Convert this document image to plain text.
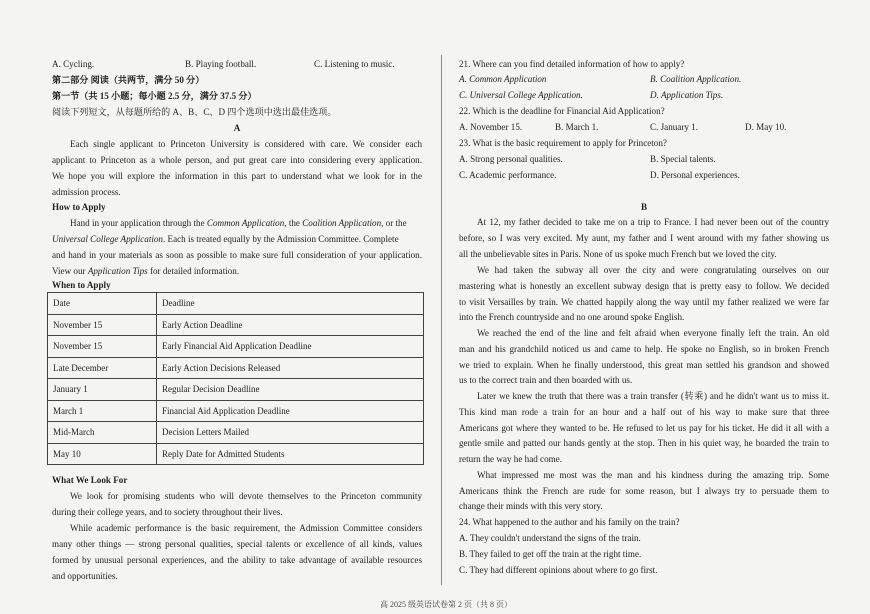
A. Cycling.	B. Playing football.	C. Listening to music.
第二部分 阅读（共两节，满分 50 分）
第一节（共 15 小题；每小题 2.5 分，满分 37.5 分）
阅读下列短文，从每题所给的 A、B、C、D 四个选项中选出最佳选项。
A
Each single applicant to Princeton University is considered with care. We consider each
applicant to Princeton as a whole person, and put great care into considering every application.
We hope you will explore the information in this part to understand what we look for in the
admission process.
How to Apply
Hand in your application through the Common Application, the Coalition Application, or the
Universal College Application. Each is treated equally by the Admission Committee. Complete
and hand in your materials as soon as possible to make sure full consideration of your application.
View our Application Tips for detailed information.
When to Apply
Date	Deadline
November 15	Early Action Deadline
November 15	Early Financial Aid Application Deadline
Late December	Early Action Decisions Released
January 1	Regular Decision Deadline
March 1	Financial Aid Application Deadline
Mid-March	Decision Letters Mailed
May 10	Reply Date for Admitted Students
What We Look For
We look for promising students who will devote themselves to the Princeton community
during their college years, and to society throughout their lives.
While academic performance is the basic requirement, the Admission Committee considers
many other things — strong personal qualities, special talents or excellence of all kinds, values
formed by unusual personal experiences, and the ability to take advantage of available resources
and opportunities.
21. Where can you find detailed information of how to apply?
A. Common Application	B. Coalition Application.
C. Universal College Application.	D. Application Tips.
22. Which is the deadline for Financial Aid Application?
A. November 15.	B. March 1.	C. January 1.	D. May 10.
23. What is the basic requirement to apply for Princeton?
A. Strong personal qualities.	B. Special talents.
C. Academic performance.	D. Personal experiences.
B
At 12, my father decided to take me on a trip to France. I had never been out of the country
before, so I was very excited. My aunt, my father and I went around with my father showing us
all the unbelievable sites in Paris. None of us spoke much French but we loved the city.
We had taken the subway all over the city and were congratulating ourselves on our
mastering what is honestly an excellent subway design that is pretty easy to follow. We decided
to visit Versailles by train. We chatted happily along the way until my father realized we were far
into the French countryside and no one around spoke English.
We reached the end of the line and felt afraid when everyone finally left the train. An old
man and his grandchild noticed us and came to help. He spoke no English, so in broken French
we tried to explain. When he finally understood, this great man settled his grandson and showed
us to the correct train and then boarded with us.
Later we knew the truth that there was a train transfer (转乘) and he didn't want us to miss it.
This kind man rode a train for an hour and a half out of his way to make sure that three
Americans got where they wanted to be. He refused to let us pay for his ticket. He did it all with a
gentle smile and patted our hands gently at the stop. Then in his quiet way, he boarded the train to
return the way he had come.
What impressed me most was the man and his kindness during the amazing trip. Some
Americans think the French are rude for some reason, but I always try to persuade them to
change their minds with this very story.
24. What happened to the author and his family on the train?
A. They couldn't understand the signs of the train.
B. They failed to get off the train at the right time.
C. They had different opinions about where to go first.
高 2025 级英语试卷第 2 页（共 8 页）
